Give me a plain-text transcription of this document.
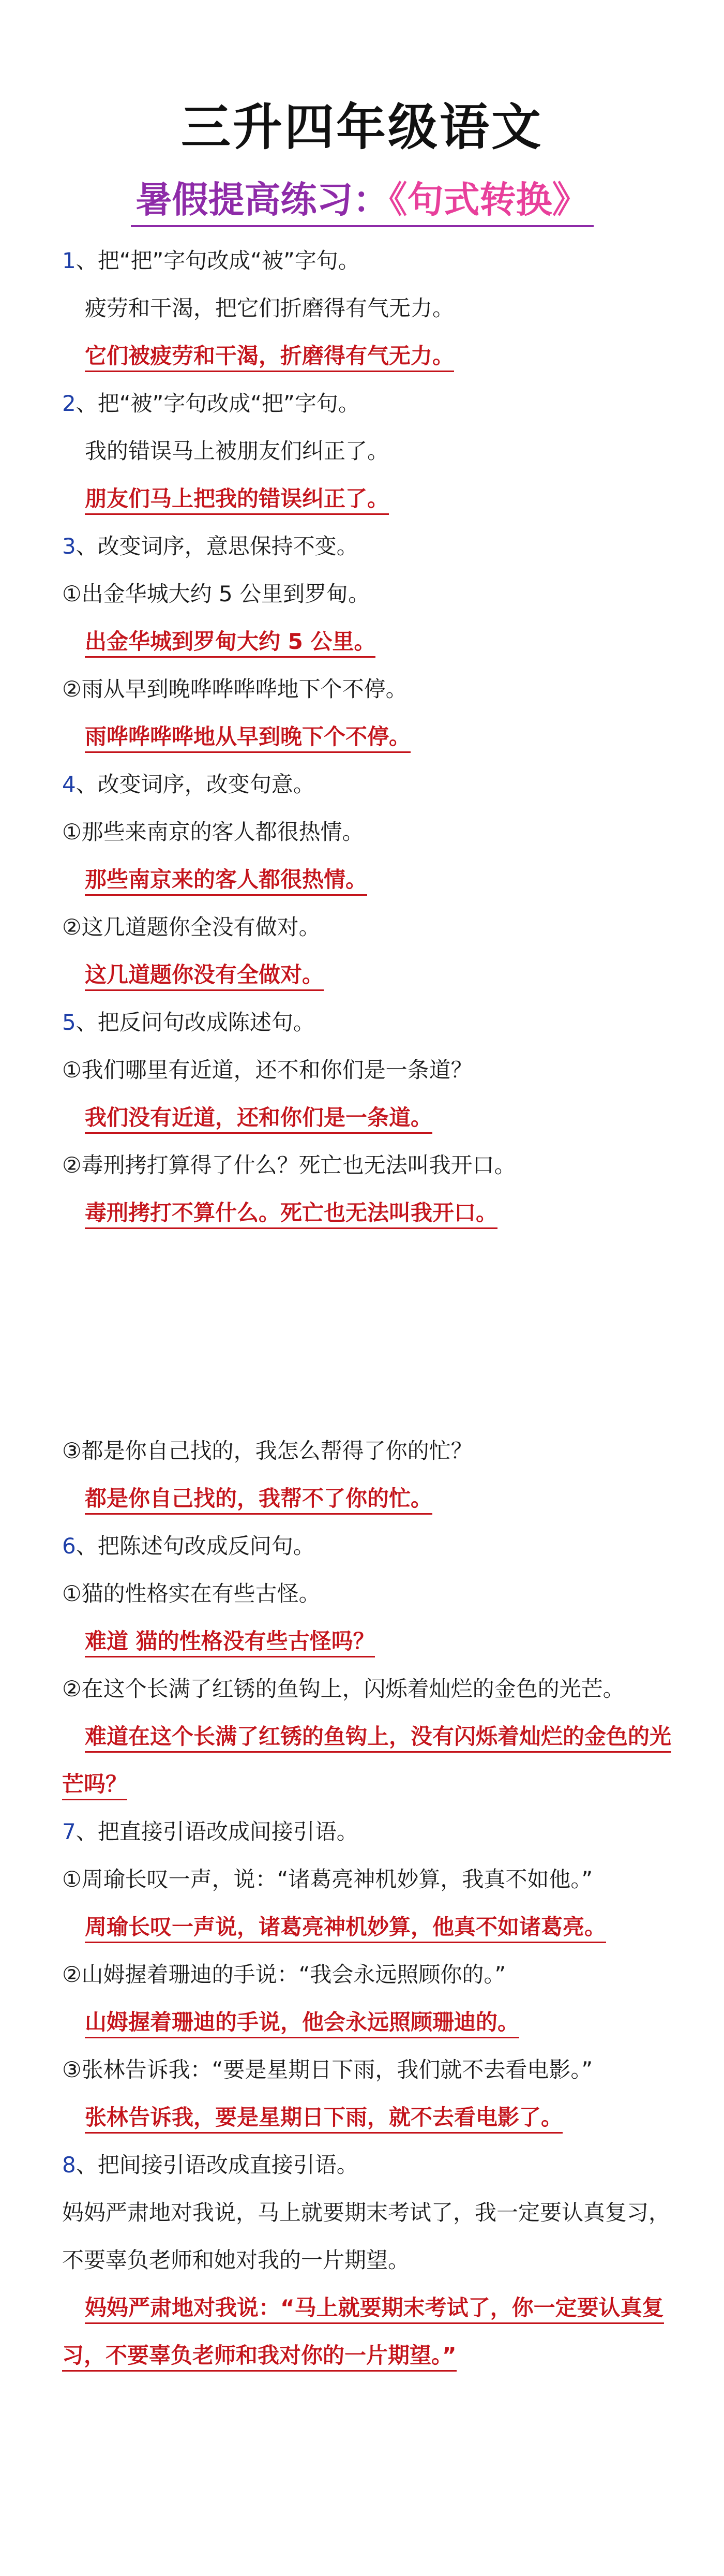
三升四年级语文
暑假提高练习：《句式转换》
1、把“把”字句改成“被”字句。
疲劳和干渴，把它们折磨得有气无力。
它们被疲劳和干渴，折磨得有气无力。
2、把“被”字句改成“把”字句。
我的错误马上被朋友们纠正了。
朋友们马上把我的错误纠正了。
3、改变词序，意思保持不变。
①出金华城大约 5 公里到罗甸。
出金华城到罗甸大约 5 公里。
②雨从早到晚哗哗哗哗地下个不停。
雨哗哗哗哗地从早到晚下个不停。
4、改变词序，改变句意。
①那些来南京的客人都很热情。
那些南京来的客人都很热情。
②这几道题你全没有做对。
这几道题你没有全做对。
5、把反问句改成陈述句。
①我们哪里有近道，还不和你们是一条道？
我们没有近道，还和你们是一条道。
②毒刑拷打算得了什么？死亡也无法叫我开口。
毒刑拷打不算什么。死亡也无法叫我开口。
③都是你自己找的，我怎么帮得了你的忙？
都是你自己找的，我帮不了你的忙。
6、把陈述句改成反问句。
①猫的性格实在有些古怪。
难道 猫的性格没有些古怪吗？
②在这个长满了红锈的鱼钩上，闪烁着灿烂的金色的光芒。
难道在这个长满了红锈的鱼钩上，没有闪烁着灿烂的金色的光芒吗？
7、把直接引语改成间接引语。
①周瑜长叹一声，说：“诸葛亮神机妙算，我真不如他。”
周瑜长叹一声说，诸葛亮神机妙算，他真不如诸葛亮。
②山姆握着珊迪的手说：“我会永远照顾你的。”
山姆握着珊迪的手说，他会永远照顾珊迪的。
③张林告诉我：“要是星期日下雨，我们就不去看电影。”
张林告诉我，要是星期日下雨，就不去看电影了。
8、把间接引语改成直接引语。
妈妈严肃地对我说，马上就要期末考试了，我一定要认真复习，不要辜负老师和她对我的一片期望。
妈妈严肃地对我说：“马上就要期末考试了，你一定要认真复习，不要辜负老师和我对你的一片期望。”
